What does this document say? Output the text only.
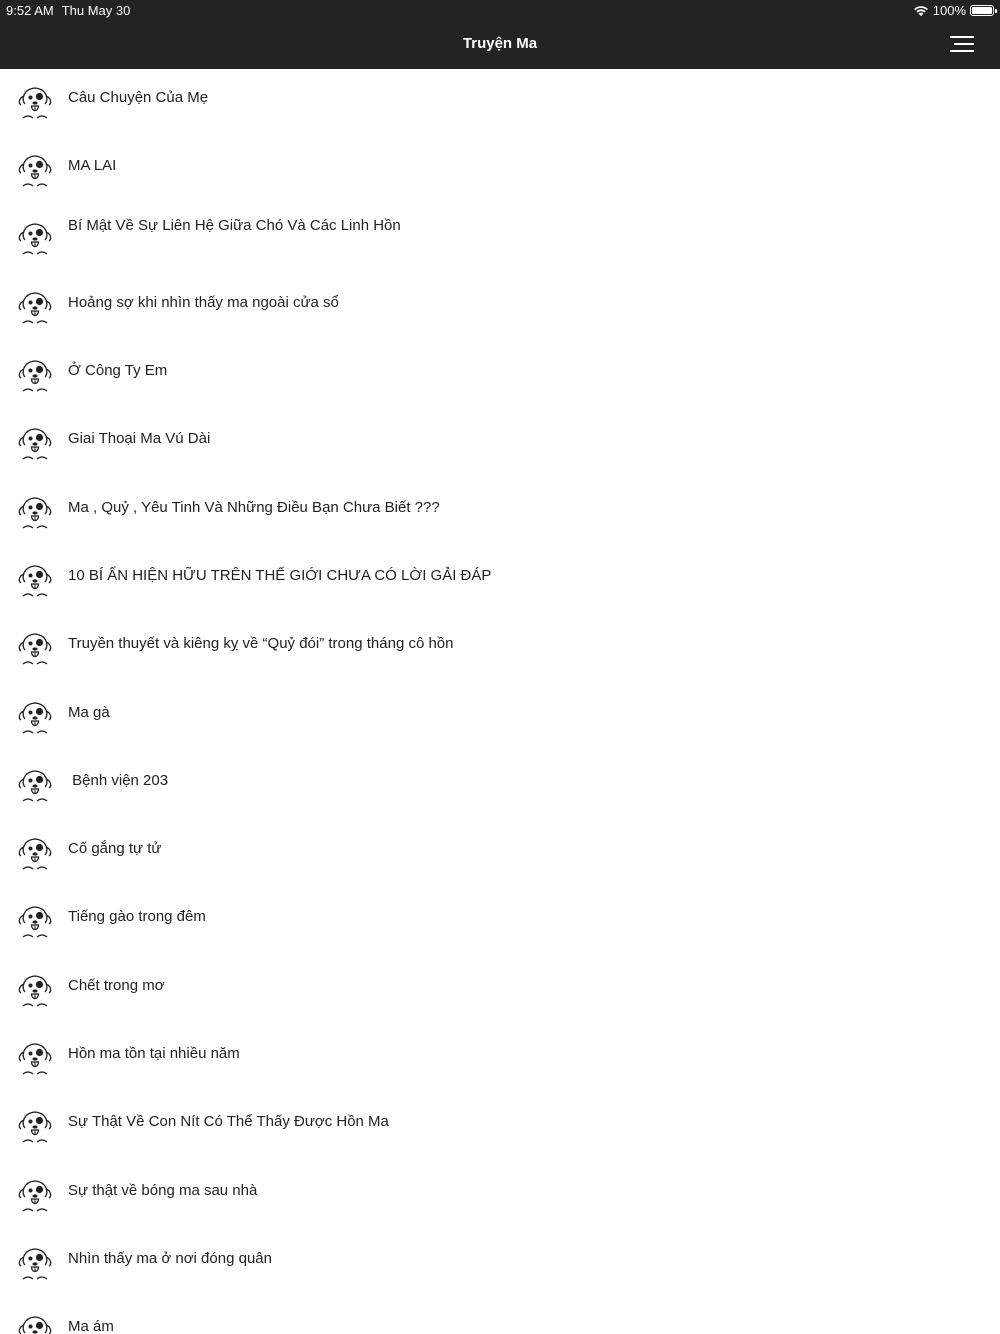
9:52 AM Thu May 30	100%
Truyện Ma
Câu Chuyện Của Mẹ
MA LAI
Bí Mật Về Sự Liên Hệ Giữa Chó Và Các Linh Hồn
Hoảng sợ khi nhìn thấy ma ngoài cửa sổ
Ở Công Ty Em
Giai Thoại Ma Vú Dài
Ma , Quỷ , Yêu Tinh Và Những Điều Bạn Chưa Biết ???
10 BÍ ẨN HIỆN HỮU TRÊN THẾ GIỚI CHƯA CÓ LỜI GẢI ĐÁP
Truyền thuyết và kiêng kỵ về “Quỷ đói” trong tháng cô hồn
Ma gà
Bệnh viện 203
Cố gắng tự tử
Tiếng gào trong đêm
Chết trong mơ
Hồn ma tồn tại nhiều năm
Sự Thật Về Con Nít Có Thể Thấy Được Hồn Ma
Sự thật về bóng ma sau nhà
Nhìn thấy ma ở nơi đóng quân
Ma ám
